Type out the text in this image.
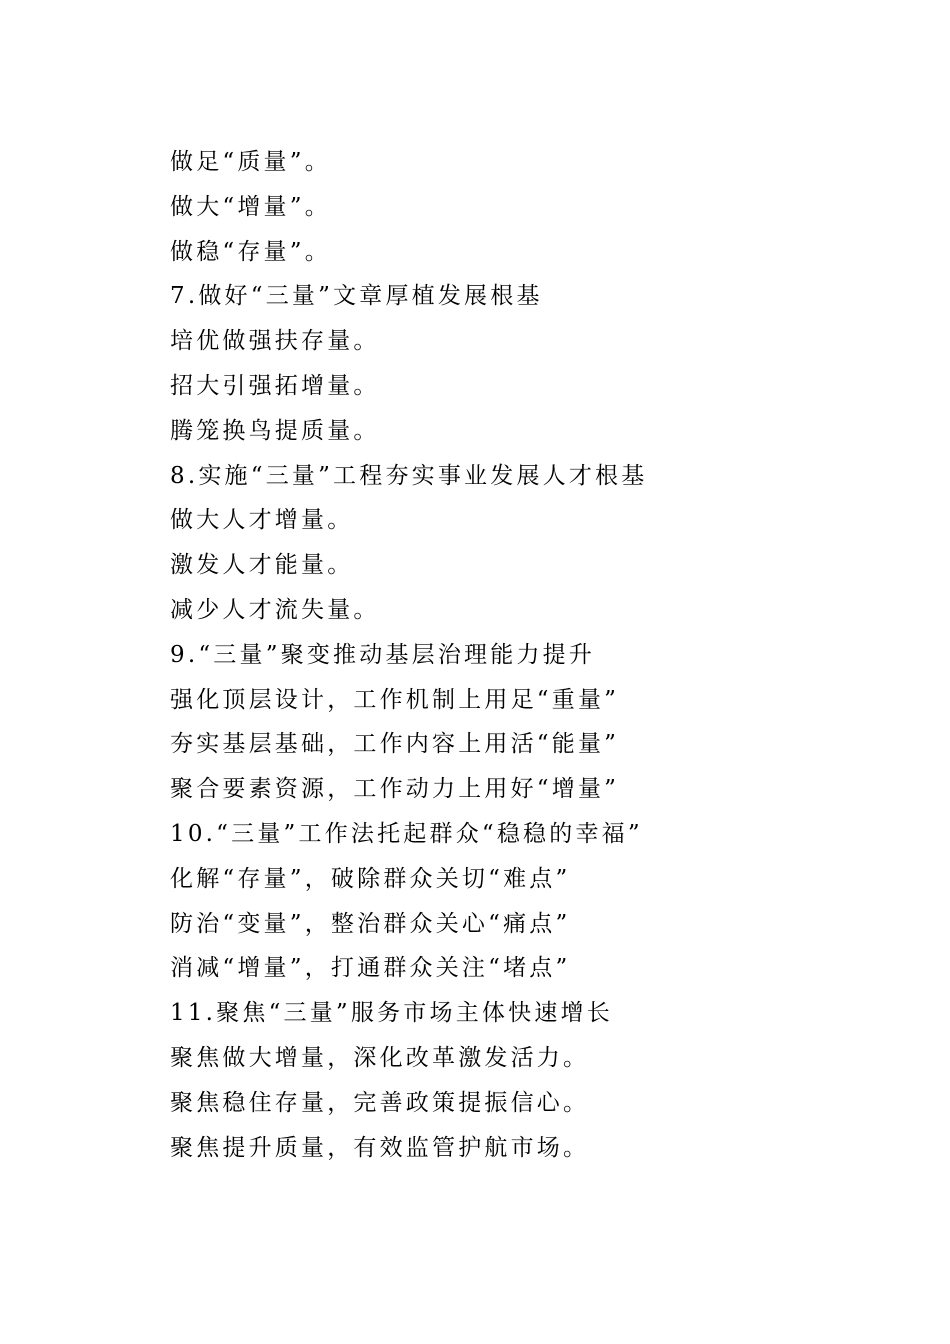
做足“质量”。
做大“增量”。
做稳“存量”。
7.做好“三量”文章厚植发展根基
培优做强扶存量。
招大引强拓增量。
腾笼换鸟提质量。
8.实施“三量”工程夯实事业发展人才根基
做大人才增量。
激发人才能量。
减少人才流失量。
9.“三量”聚变推动基层治理能力提升
强化顶层设计，工作机制上用足“重量”
夯实基层基础，工作内容上用活“能量”
聚合要素资源，工作动力上用好“增量”
10.“三量”工作法托起群众“稳稳的幸福”
化解“存量”，破除群众关切“难点”
防治“变量”，整治群众关心“痛点”
消减“增量”，打通群众关注“堵点”
11.聚焦“三量”服务市场主体快速增长
聚焦做大增量，深化改革激发活力。
聚焦稳住存量，完善政策提振信心。
聚焦提升质量，有效监管护航市场。
